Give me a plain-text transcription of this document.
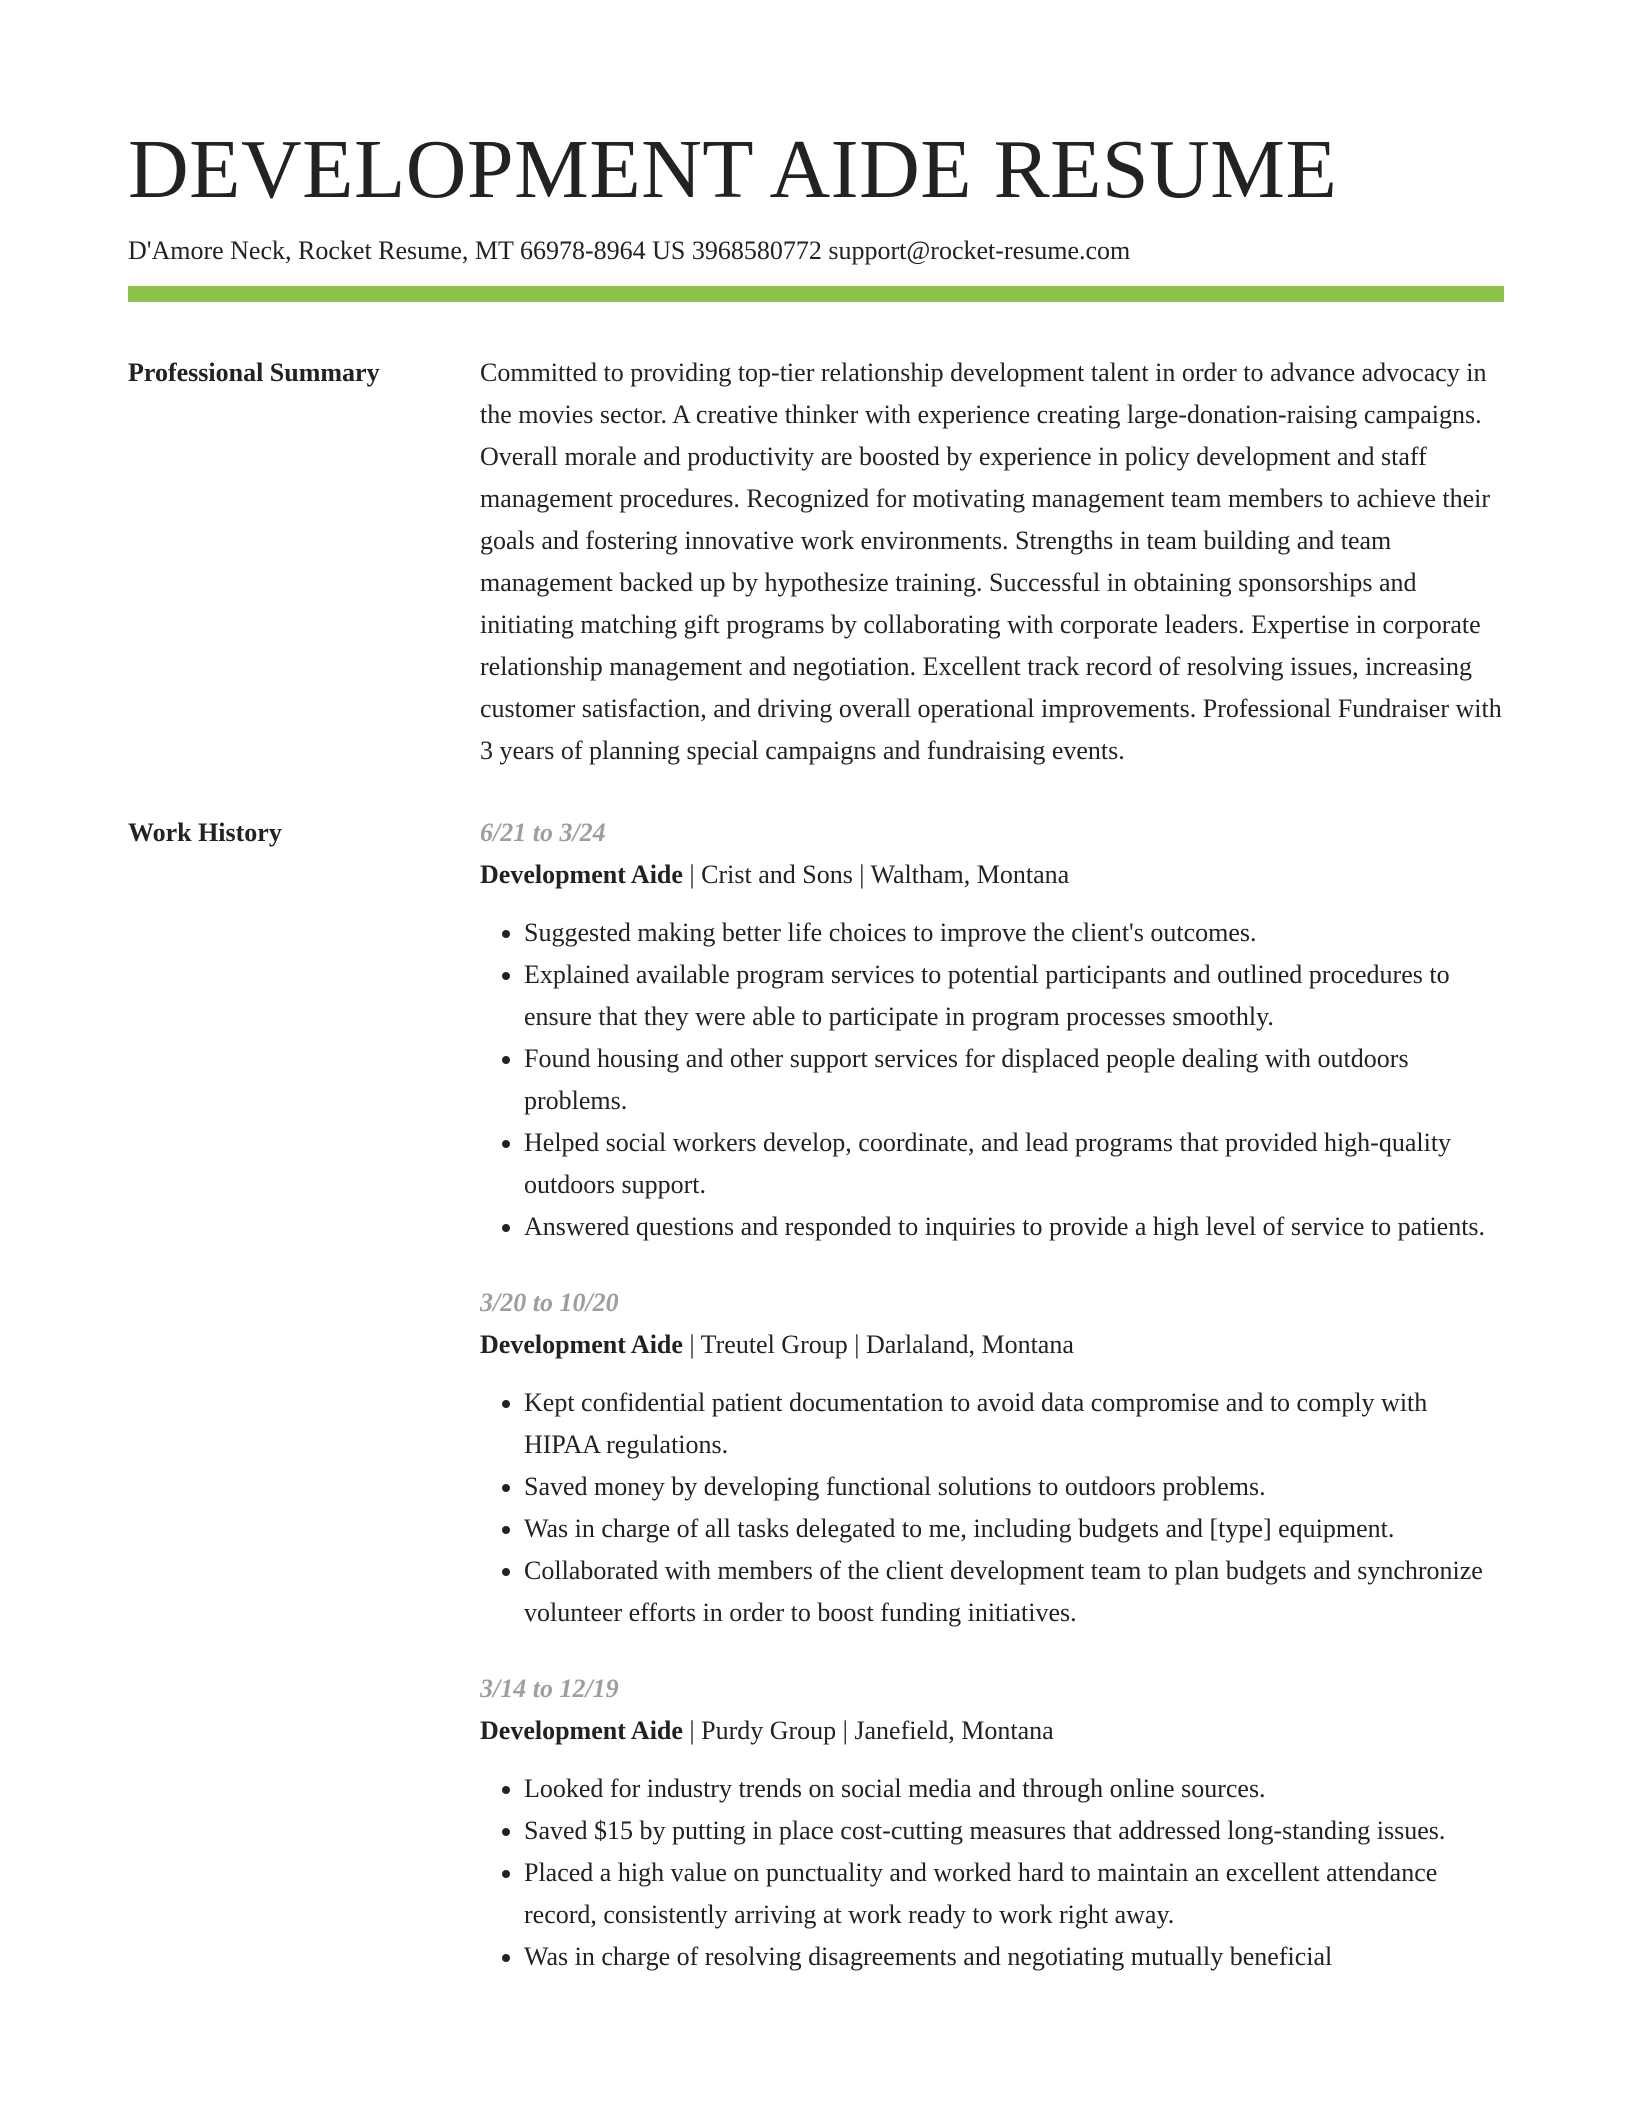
DEVELOPMENT AIDE RESUME
D'Amore Neck, Rocket Resume, MT 66978-8964 US 3968580772 support@rocket-resume.com
Professional Summary	Committed to providing top-tier relationship development talent in order to advance advocacy in the movies sector. A creative thinker with experience creating large-donation-raising campaigns. Overall morale and productivity are boosted by experience in policy development and staff management procedures. Recognized for motivating management team members to achieve their goals and fostering innovative work environments. Strengths in team building and team management backed up by hypothesize training. Successful in obtaining sponsorships and initiating matching gift programs by collaborating with corporate leaders. Expertise in corporate relationship management and negotiation. Excellent track record of resolving issues, increasing customer satisfaction, and driving overall operational improvements. Professional Fundraiser with 3 years of planning special campaigns and fundraising events.

Work History	6/21 to 3/24
Development Aide | Crist and Sons | Waltham, Montana
• Suggested making better life choices to improve the client's outcomes.
• Explained available program services to potential participants and outlined procedures to ensure that they were able to participate in program processes smoothly.
• Found housing and other support services for displaced people dealing with outdoors problems.
• Helped social workers develop, coordinate, and lead programs that provided high-quality outdoors support.
• Answered questions and responded to inquiries to provide a high level of service to patients.
3/20 to 10/20
Development Aide | Treutel Group | Darlaland, Montana
• Kept confidential patient documentation to avoid data compromise and to comply with HIPAA regulations.
• Saved money by developing functional solutions to outdoors problems.
• Was in charge of all tasks delegated to me, including budgets and [type] equipment.
• Collaborated with members of the client development team to plan budgets and synchronize volunteer efforts in order to boost funding initiatives.
3/14 to 12/19
Development Aide | Purdy Group | Janefield, Montana
• Looked for industry trends on social media and through online sources.
• Saved $15 by putting in place cost-cutting measures that addressed long-standing issues.
• Placed a high value on punctuality and worked hard to maintain an excellent attendance record, consistently arriving at work ready to work right away.
• Was in charge of resolving disagreements and negotiating mutually beneficial
